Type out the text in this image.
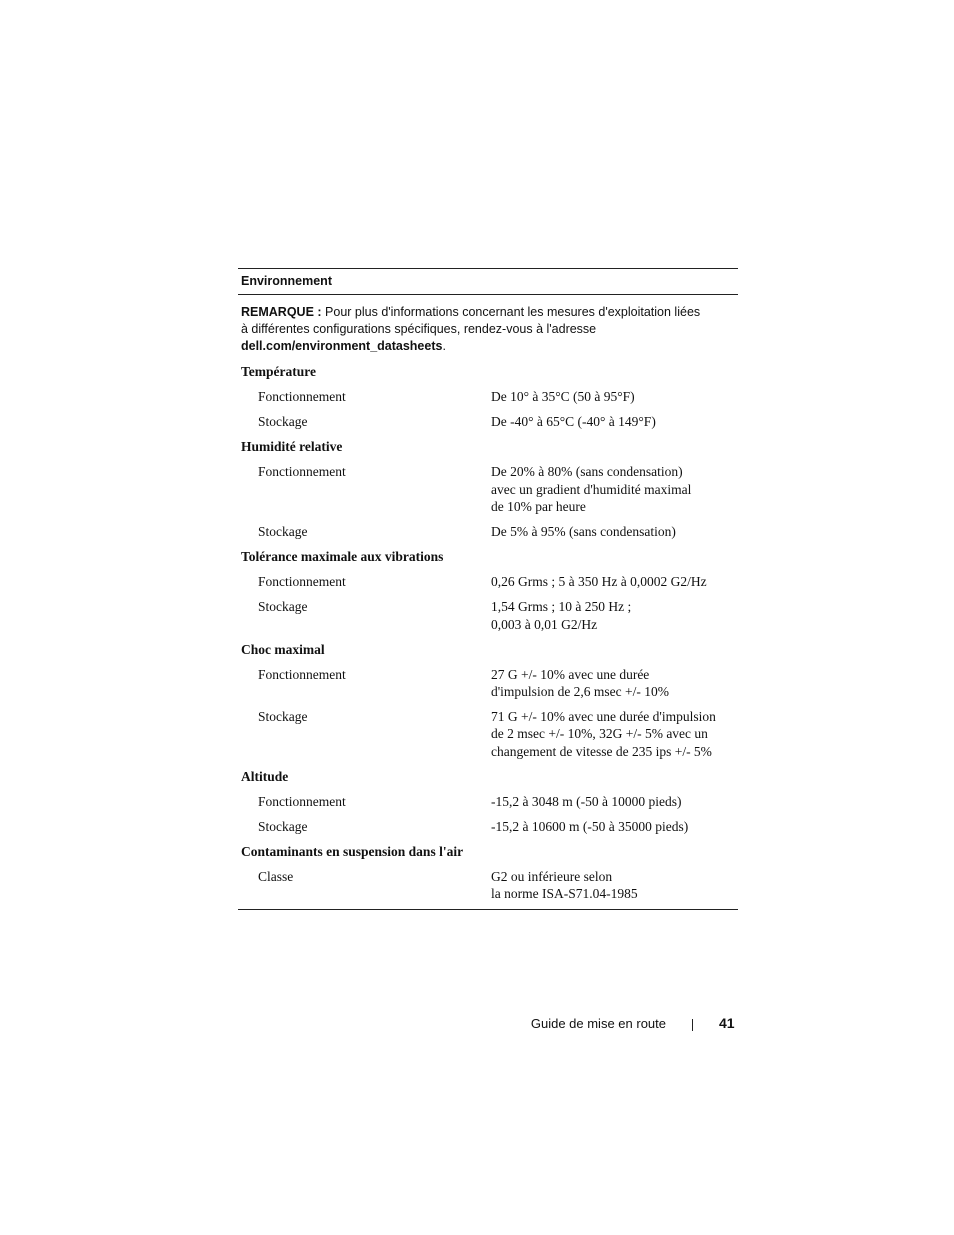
Environnement
REMARQUE : Pour plus d'informations concernant les mesures d'exploitation liées à différentes configurations spécifiques, rendez-vous à l'adresse dell.com/environment_datasheets.
Température
Fonctionnement	De 10° à 35°C (50 à 95°F)
Stockage	De -40° à 65°C (-40° à 149°F)
Humidité relative
Fonctionnement	De 20% à 80% (sans condensation)
avec un gradient d'humidité maximal
de 10% par heure
Stockage	De 5% à 95% (sans condensation)
Tolérance maximale aux vibrations
Fonctionnement	0,26 Grms ; 5 à 350 Hz à 0,0002 G2/Hz
Stockage	1,54 Grms ; 10 à 250 Hz ;
0,003 à 0,01 G2/Hz
Choc maximal
Fonctionnement	27 G +/- 10% avec une durée
d'impulsion de 2,6 msec +/- 10%
Stockage	71 G +/- 10% avec une durée d'impulsion
de 2 msec +/- 10%, 32G +/- 5% avec un
changement de vitesse de 235 ips +/- 5%
Altitude
Fonctionnement	-15,2 à 3048 m (-50 à 10000 pieds)
Stockage	-15,2 à 10600 m (-50 à 35000 pieds)
Contaminants en suspension dans l'air
Classe	G2 ou inférieure selon
la norme ISA-S71.04-1985
Guide de mise en route	41
